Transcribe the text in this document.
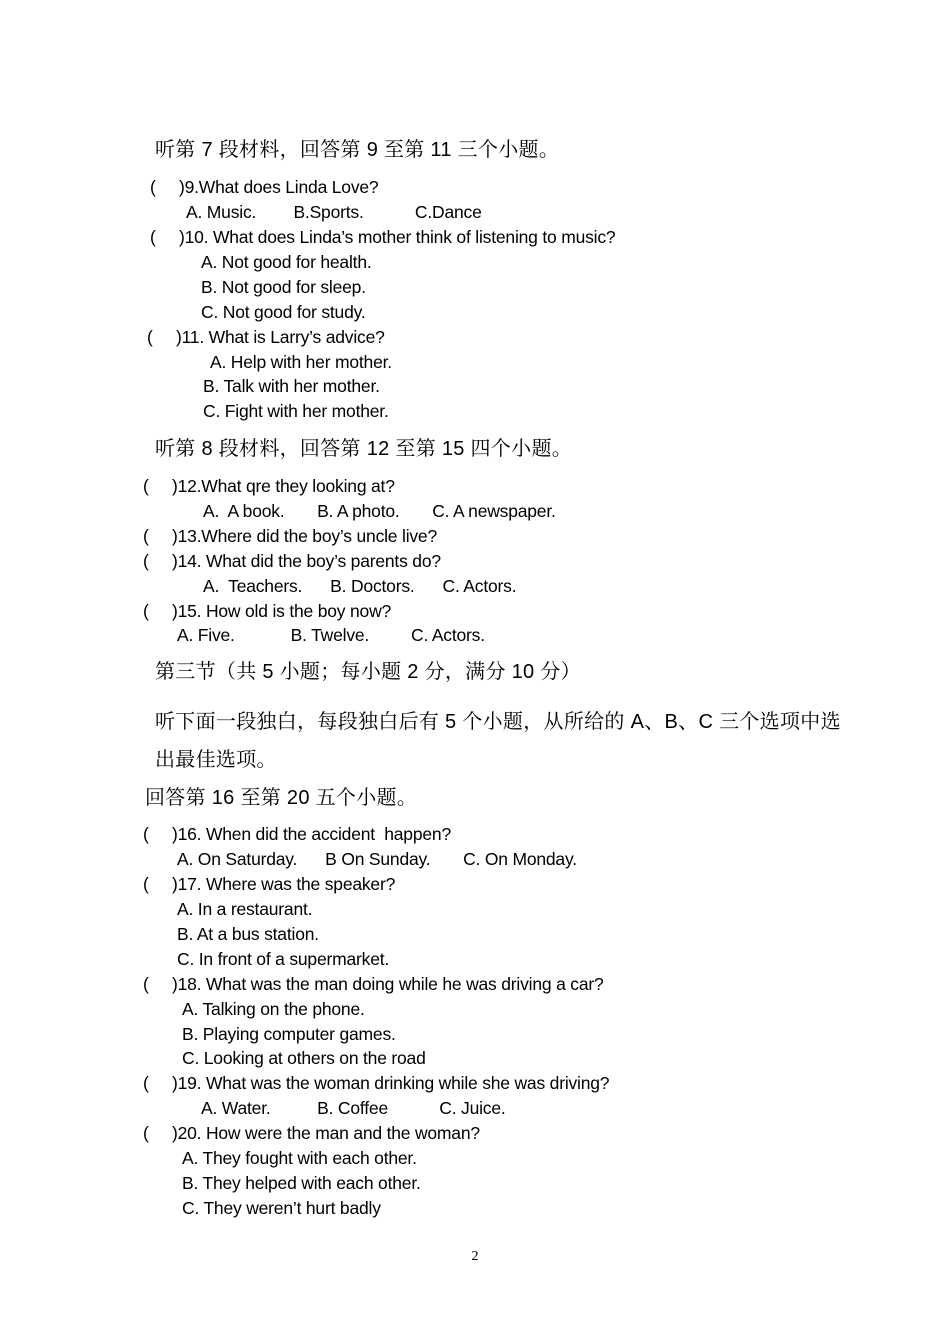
听第 7 段材料，回答第 9 至第 11 三个小题。
(     )9.What does Linda Love?
A. Music.        B.Sports.           C.Dance
(     )10. What does Linda’s mother think of listening to music?
A. Not good for health.
B. Not good for sleep.
C. Not good for study.
(     )11. What is Larry’s advice?
A. Help with her mother.
B. Talk with her mother.
C. Fight with her mother.
听第 8 段材料，回答第 12 至第 15 四个小题。
(     )12.What qre they looking at?
A.  A book.       B. A photo.       C. A newspaper.
(     )13.Where did the boy’s uncle live?
(     )14. What did the boy’s parents do?
A.  Teachers.      B. Doctors.      C. Actors.
(     )15. How old is the boy now?
A. Five.            B. Twelve.         C. Actors.
第三节（共 5 小题；每小题 2 分，满分 10 分）
听下面一段独白，每段独白后有 5 个小题，从所给的 A、B、C 三个选项中选
出最佳选项。
回答第 16 至第 20 五个小题。
(     )16. When did the accident  happen?
A. On Saturday.      B On Sunday.       C. On Monday.
(     )17. Where was the speaker?
A. In a restaurant.
B. At a bus station.
C. In front of a supermarket.
(     )18. What was the man doing while he was driving a car?
A. Talking on the phone.
B. Playing computer games.
C. Looking at others on the road
(     )19. What was the woman drinking while she was driving?
A. Water.          B. Coffee           C. Juice.
(     )20. How were the man and the woman?
A. They fought with each other.
B. They helped with each other.
C. They weren’t hurt badly
2
